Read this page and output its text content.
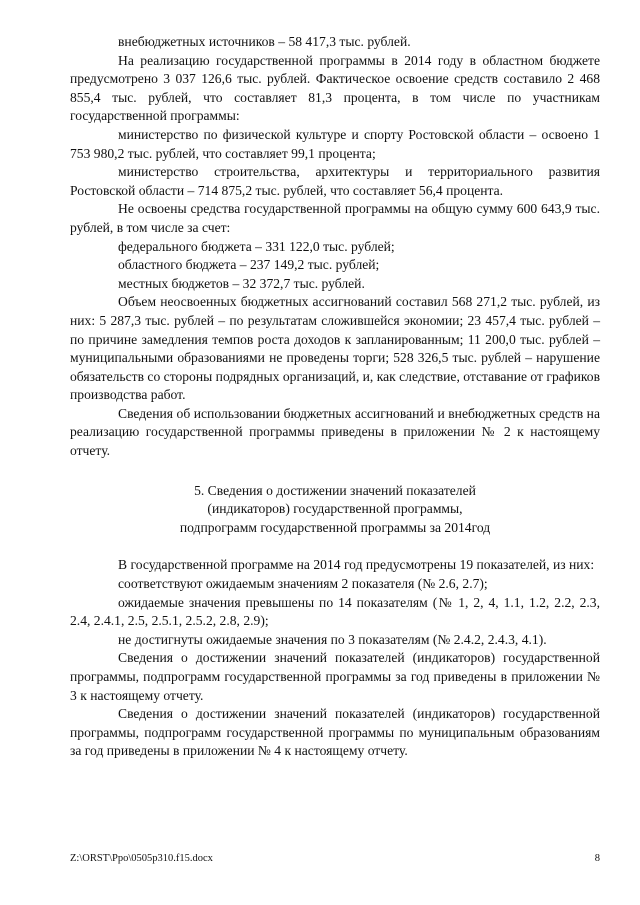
внебюджетных источников – 58 417,3 тыс. рублей.

На реализацию государственной программы в 2014 году в областном бюджете предусмотрено 3 037 126,6 тыс. рублей. Фактическое освоение средств составило 2 468 855,4 тыс. рублей, что составляет 81,3 процента, в том числе по участникам государственной программы:

министерство по физической культуре и спорту Ростовской области – освоено 1 753 980,2 тыс. рублей, что составляет 99,1 процента;

министерство строительства, архитектуры и территориального развития Ростовской области – 714 875,2 тыс. рублей, что составляет 56,4 процента.

Не освоены средства государственной программы на общую сумму 600 643,9 тыс. рублей, в том числе за счет:

федерального бюджета – 331 122,0 тыс. рублей;

областного бюджета – 237 149,2 тыс. рублей;

местных бюджетов – 32 372,7 тыс. рублей.

Объем неосвоенных бюджетных ассигнований составил 568 271,2 тыс. рублей, из них: 5 287,3 тыс. рублей – по результатам сложившейся экономии; 23 457,4 тыс. рублей – по причине замедления темпов роста доходов к запланированным; 11 200,0 тыс. рублей – муниципальными образованиями не проведены торги; 528 326,5 тыс. рублей – нарушение обязательств со стороны подрядных организаций, и, как следствие, отставание от графиков производства работ.

Сведения об использовании бюджетных ассигнований и внебюджетных средств на реализацию государственной программы приведены в приложении № 2 к настоящему отчету.

5. Сведения о достижении значений показателей

(индикаторов) государственной программы,

подпрограмм государственной программы за 2014год

В государственной программе на 2014 год предусмотрены 19 показателей, из них:

соответствуют ожидаемым значениям 2 показателя (№ 2.6, 2.7);

ожидаемые значения превышены по 14 показателям (№ 1, 2, 4, 1.1, 1.2, 2.2, 2.3, 2.4, 2.4.1, 2.5, 2.5.1, 2.5.2, 2.8, 2.9);

не достигнуты ожидаемые значения по 3 показателям (№ 2.4.2, 2.4.3, 4.1).

Сведения о достижении значений показателей (индикаторов) государственной программы, подпрограмм государственной программы за год приведены в приложении № 3 к настоящему отчету.

Сведения о достижении значений показателей (индикаторов) государственной программы, подпрограмм государственной программы по муниципальным образованиям за год приведены в приложении № 4 к настоящему отчету.

Z:\ORST\Ppo\0505p310.f15.docx	8
